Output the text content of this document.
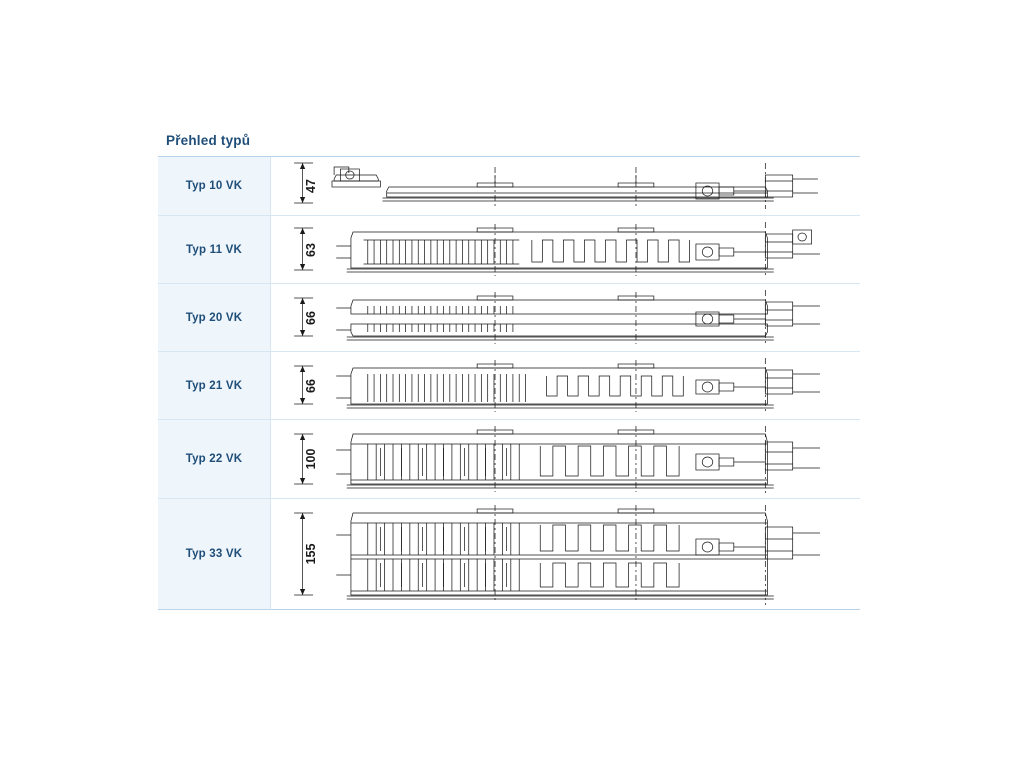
Přehled typů
Typ 10 VK	47
Typ 11 VK	63
Typ 20 VK	66
Typ 21 VK	66
Typ 22 VK	100
Typ 33 VK	155
